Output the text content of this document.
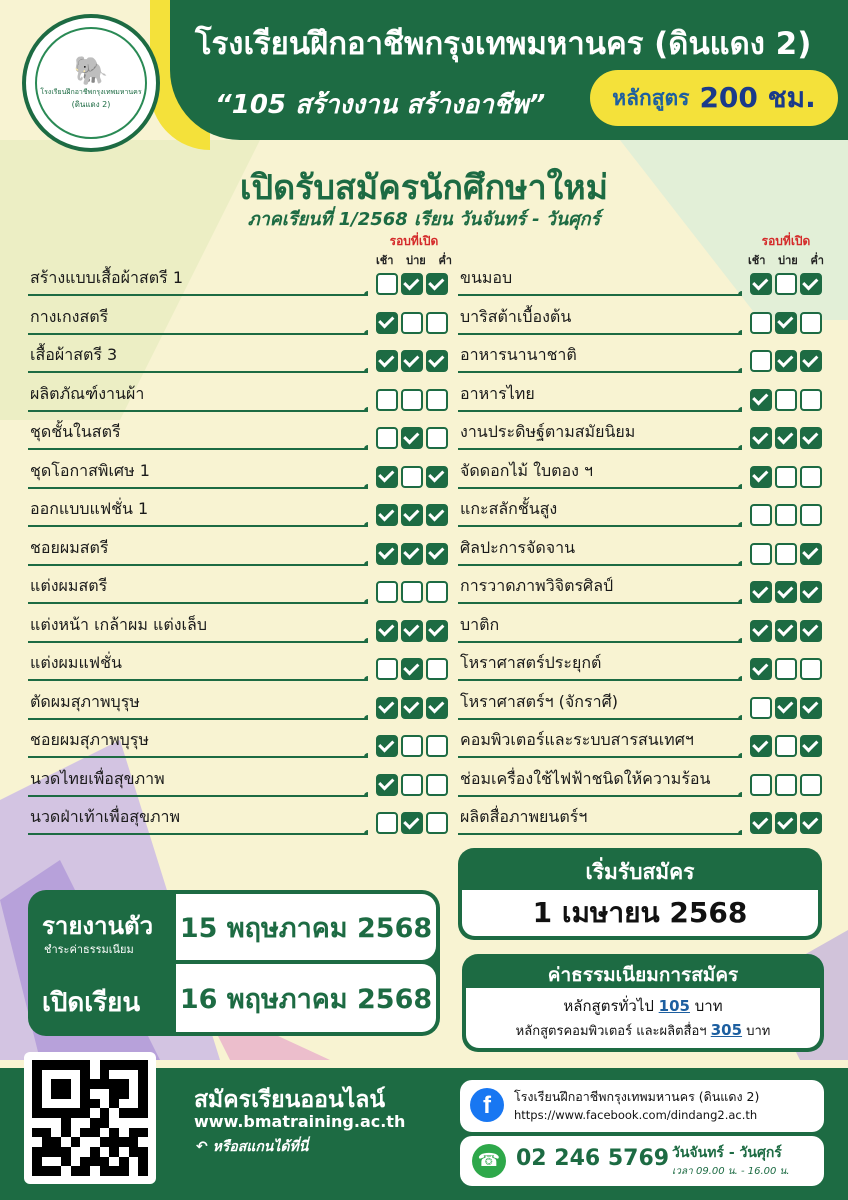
🐘
โรงเรียนฝึกอาชีพกรุงเทพมหานคร
(ดินแดง 2)
โรงเรียนฝึกอาชีพกรุงเทพมหานคร (ดินแดง 2)
“105 สร้างงาน สร้างอาชีพ”	หลักสูตร 200 ชม.
เปิดรับสมัครนักศึกษาใหม่
ภาคเรียนที่ 1/2568 เรียน วันจันทร์ - วันศุกร์
รอบที่เปิด
เช้า บ่าย ค่ำ
รอบที่เปิด
เช้า บ่าย ค่ำ
สร้างแบบเสื้อผ้าสตรี 1
กางเกงสตรี
เสื้อผ้าสตรี 3
ผลิตภัณฑ์งานผ้า
ชุดชั้นในสตรี
ชุดโอกาสพิเศษ 1
ออกแบบแฟชั่น 1
ชอยผมสตรี
แต่งผมสตรี
แต่งหน้า เกล้าผม แต่งเล็บ
แต่งผมแฟชั่น
ตัดผมสุภาพบุรุษ
ชอยผมสุภาพบุรุษ
นวดไทยเพื่อสุขภาพ
นวดฝ่าเท้าเพื่อสุขภาพ
ขนมอบ
บาริสต้าเบื้องต้น
อาหารนานาชาติ
อาหารไทย
งานประดิษฐ์ตามสมัยนิยม
จัดดอกไม้ ใบตอง ฯ
แกะสลักชั้นสูง
ศิลปะการจัดจาน
การวาดภาพวิจิตรศิลป์
บาติก
โหราศาสตร์ประยุกต์
โหราศาสตร์ฯ (จักราศี)
คอมพิวเตอร์และระบบสารสนเทศฯ
ช่อมเครื่องใช้ไฟฟ้าชนิดให้ความร้อน
ผลิตสื่อภาพยนตร์ฯ
รายงานตัว
ชำระค่าธรรมเนียม
15 พฤษภาคม 2568
เปิดเรียน 16 พฤษภาคม 2568
เริ่มรับสมัคร
1 เมษายน 2568
ค่าธรรมเนียมการสมัคร
หลักสูตรทั่วไป 105 บาท
หลักสูตรคอมพิวเตอร์ และผลิตสื่อฯ 305 บาท
สมัครเรียนออนไลน์
www.bmatraining.ac.th
↶ หรือสแกนได้ที่นี่
f	โรงเรียนฝึกอาชีพกรุงเทพมหานคร (ดินแดง 2)
https://www.facebook.com/dindang2.ac.th
☎ 02 246 5769 วันจันทร์ - วันศุกร์
เวลา 09.00 น. - 16.00 น.
